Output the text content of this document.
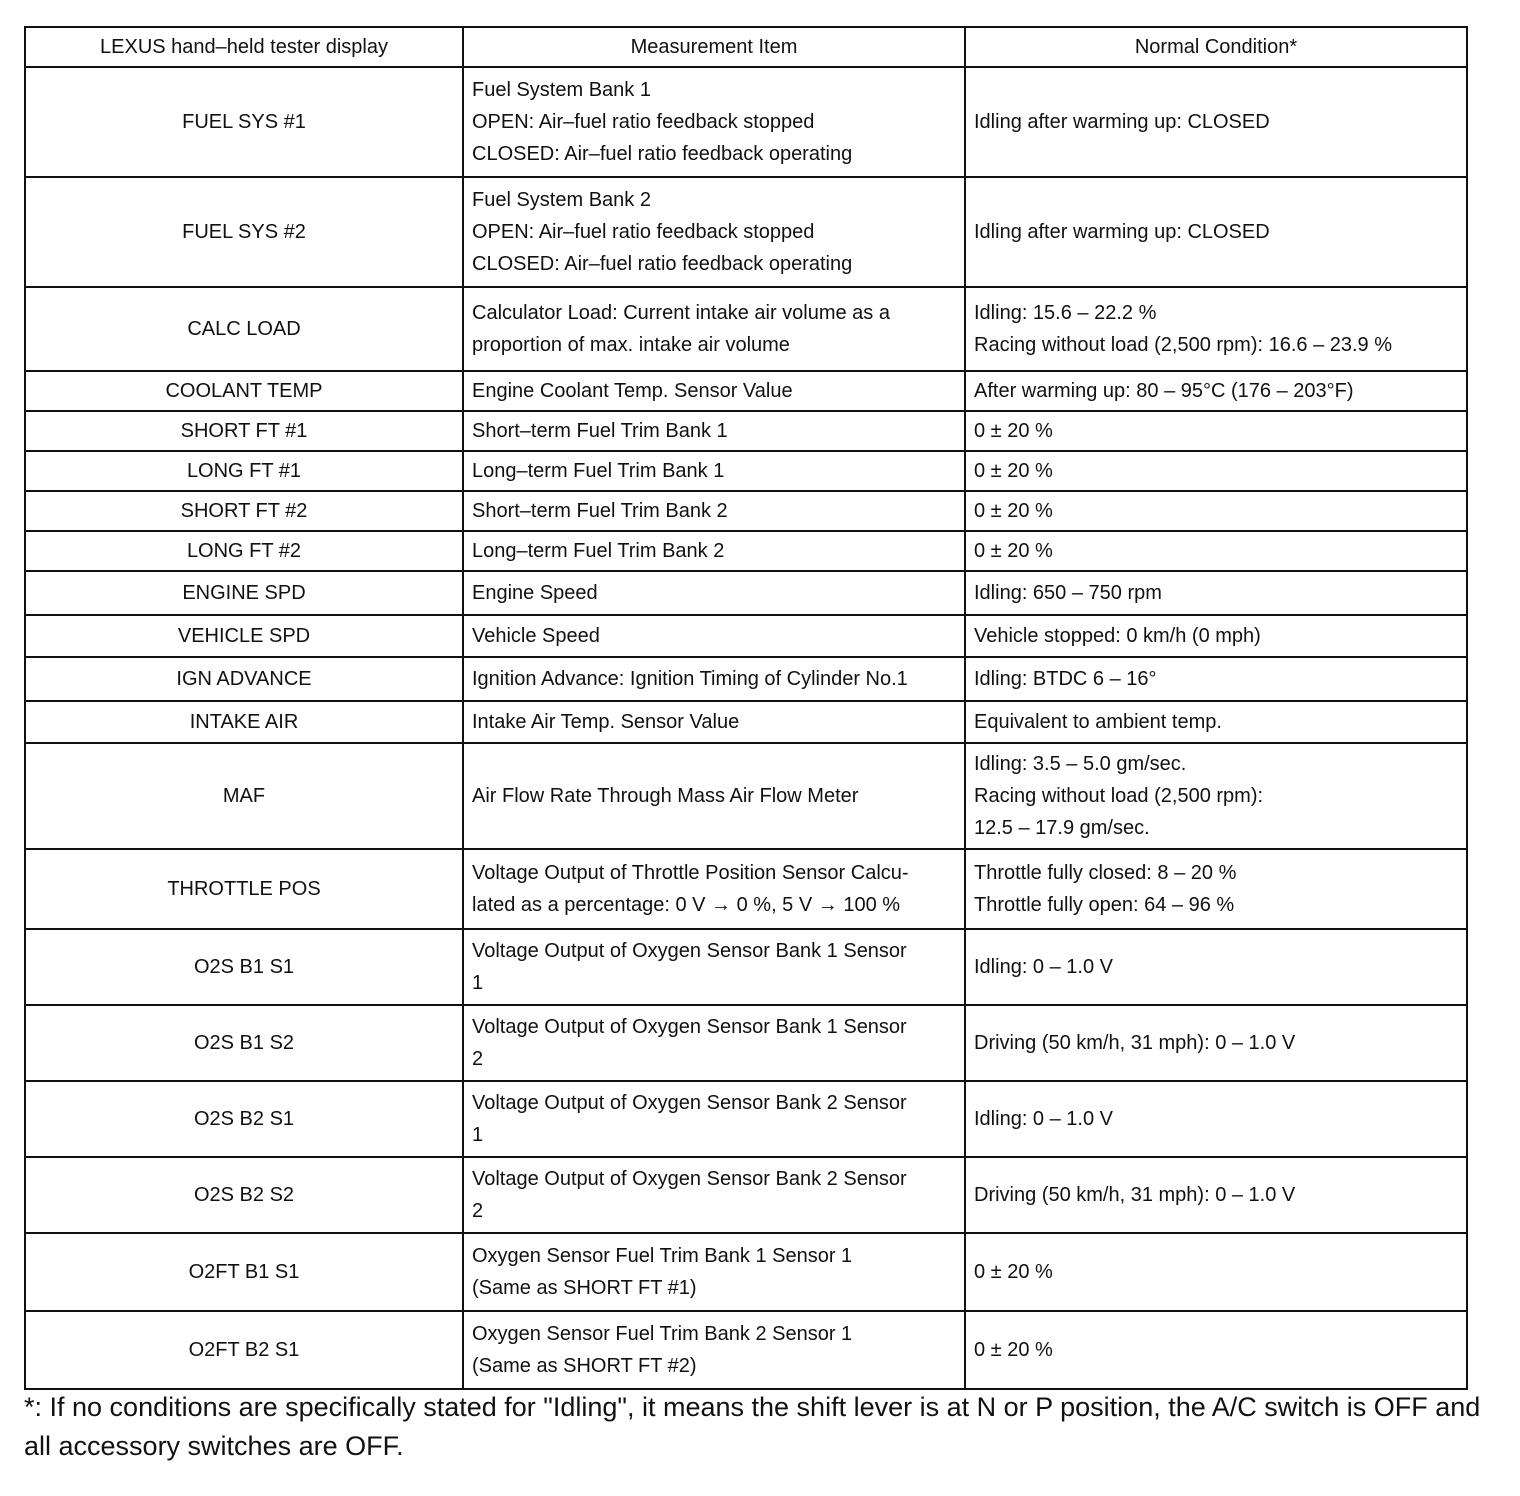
LEXUS hand–held tester display	Measurement Item	Normal Condition*
FUEL SYS #1	Fuel System Bank 1
OPEN: Air–fuel ratio feedback stopped
CLOSED: Air–fuel ratio feedback operating	Idling after warming up: CLOSED

FUEL SYS #2	Fuel System Bank 2
OPEN: Air–fuel ratio feedback stopped
CLOSED: Air–fuel ratio feedback operating	Idling after warming up: CLOSED

CALC LOAD	Calculator Load: Current intake air volume as a
proportion of max. intake air volume	Idling: 15.6 – 22.2 %
Racing without load (2,500 rpm): 16.6 – 23.9 %

COOLANT TEMP	Engine Coolant Temp. Sensor Value	After warming up: 80 – 95°C (176 – 203°F)

SHORT FT #1	Short–term Fuel Trim Bank 1	0 ± 20 %

LONG FT #1	Long–term Fuel Trim Bank 1	0 ± 20 %

SHORT FT #2	Short–term Fuel Trim Bank 2	0 ± 20 %

LONG FT #2	Long–term Fuel Trim Bank 2	0 ± 20 %

ENGINE SPD	Engine Speed	Idling: 650 – 750 rpm

VEHICLE SPD	Vehicle Speed	Vehicle stopped: 0 km/h (0 mph)

IGN ADVANCE	Ignition Advance: Ignition Timing of Cylinder No.1	Idling: BTDC 6 – 16°

INTAKE AIR	Intake Air Temp. Sensor Value	Equivalent to ambient temp.

MAF	Air Flow Rate Through Mass Air Flow Meter	Idling: 3.5 – 5.0 gm/sec.
Racing without load (2,500 rpm):
12.5 – 17.9 gm/sec.

THROTTLE POS	Voltage Output of Throttle Position Sensor Calcu-
lated as a percentage: 0 V → 0 %, 5 V → 100 %	Throttle fully closed: 8 – 20 %
Throttle fully open: 64 – 96 %

O2S B1 S1	Voltage Output of Oxygen Sensor Bank 1 Sensor
1	Idling: 0 – 1.0 V

O2S B1 S2	Voltage Output of Oxygen Sensor Bank 1 Sensor
2	Driving (50 km/h, 31 mph): 0 – 1.0 V

O2S B2 S1	Voltage Output of Oxygen Sensor Bank 2 Sensor
1	Idling: 0 – 1.0 V

O2S B2 S2	Voltage Output of Oxygen Sensor Bank 2 Sensor
2	Driving (50 km/h, 31 mph): 0 – 1.0 V

O2FT B1 S1	Oxygen Sensor Fuel Trim Bank 1 Sensor 1
(Same as SHORT FT #1)	0 ± 20 %

O2FT B2 S1	Oxygen Sensor Fuel Trim Bank 2 Sensor 1
(Same as SHORT FT #2)	0 ± 20 %

*: If no conditions are specifically stated for "Idling", it means the shift lever is at N or P position, the A/C switch is OFF and all accessory switches are OFF.
